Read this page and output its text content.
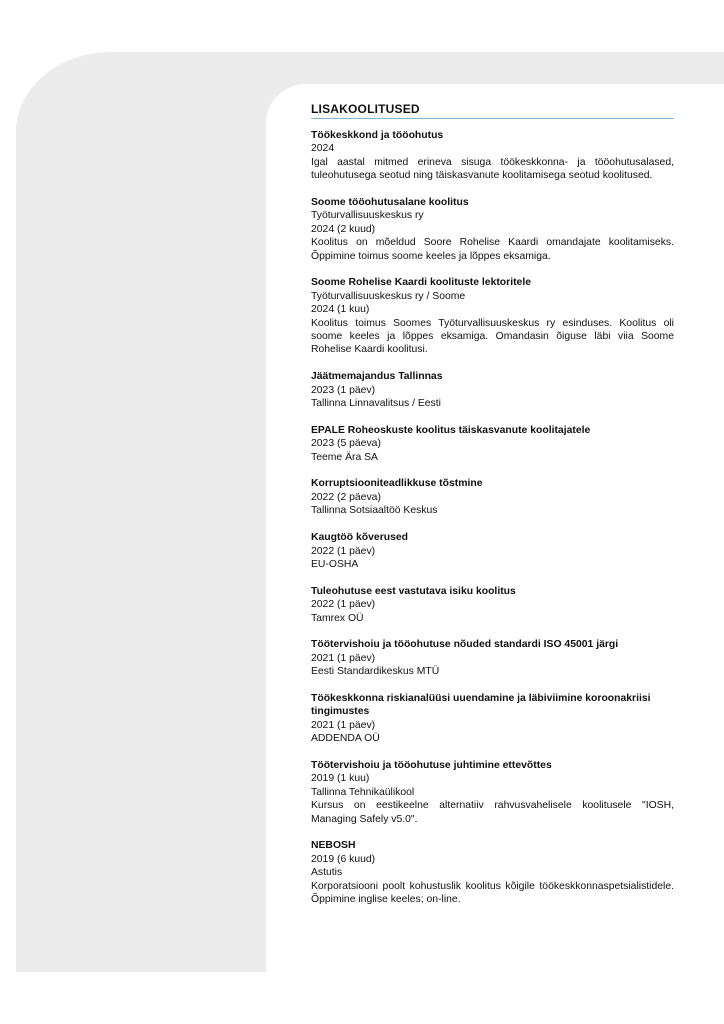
LISAKOOLITUSED
Töökeskkond ja tööohutus
2024
Igal aastal mitmed erineva sisuga töökeskkonna- ja tööohutusalased, tuleohutusega seotud ning täiskasvanute koolitamisega seotud koolitused.
Soome tööohutusalane koolitus
Työturvallisuuskeskus ry
2024 (2 kuud)
Koolitus on mõeldud Soore Rohelise Kaardi omandajate koolitamiseks. Õppimine toimus soome keeles ja lõppes eksamiga.
Soome Rohelise Kaardi koolituste lektoritele
Työturvallisuuskeskus ry / Soome
2024 (1 kuu)
Koolitus toimus Soomes Työturvallisuuskeskus ry esinduses. Koolitus oli soome keeles ja lõppes eksamiga. Omandasin õiguse läbi viia Soome Rohelise Kaardi koolitusi.
Jäätmemajandus Tallinnas
2023 (1 päev)
Tallinna Linnavalitsus / Eesti
EPALE Roheoskuste koolitus täiskasvanute koolitajatele
2023 (5 päeva)
Teeme Ära SA
Korruptsiooniteadlikkuse tõstmine
2022 (2 päeva)
Tallinna Sotsiaaltöö Keskus
Kaugtöö kõverused
2022 (1 päev)
EU-OSHA
Tuleohutuse eest vastutava isiku koolitus
2022 (1 päev)
Tamrex OÜ
Töötervishoiu ja tööohutuse nõuded standardi ISO 45001 järgi
2021 (1 päev)
Eesti Standardikeskus MTÜ
Töökeskkonna riskianalüüsi uuendamine ja läbiviimine koroonakriisi tingimustes
2021 (1 päev)
ADDENDA OÜ
Töötervishoiu ja tööohutuse juhtimine ettevõttes
2019 (1 kuu)
Tallinna Tehnikaülikool
Kursus on eestikeelne alternatiiv rahvusvahelisele koolitusele "IOSH, Managing Safely v5.0".
NEBOSH
2019 (6 kuud)
Astutis
Korporatsiooni poolt kohustuslik koolitus kõigile töökeskkonnaspetsialistidele. Õppimine inglise keeles; on-line.
